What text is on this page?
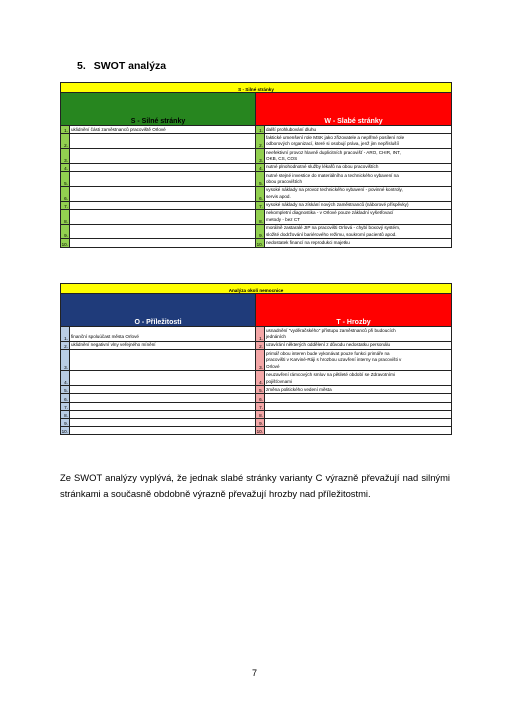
5. SWOT analýza
S - Silné stránky			
S - Silné stránky		W - Slabé stránky	
1.	uklidnění části zaměstnanců pracoviště Orlové	1.	další prohlubování dluhu

2.		2.	faktické umenšení role MSK jako zřizovatele a neplřmé posílení role
odborových organizací, které si osobují práva, jenž jim nepříslušíí

3.		3.	neefektivní provoz hlavně duplicitních pracovišť - ARO, CHIR, INT,
OKB, CS, COS

4.		4.	nutné plnohodnotné služby lékařů na obou pracovištích

5.		5.	nutné stejné investice do materiálního a technického vybavení na
obou pracovištích

6.		6.	vysoké náklady na provoz technického vybavení - povinné kontroly,
servis apod.

7.		7.	vysoké náklady na získání nových zaměstnanců (náborové příspěvky)

8.		8.	nekompletní diagnostika - v Orlové pouze základní vyšetřovací
metody - bez CT

9.		9.	morálně zastaralé JIP na pracovišti Orlová - chybí boxový systém,
složité dodržování bariérového režimu, soukromí pacientů apod.

10.		10.	nedostatek financí na reprodukci majetku
Analýza okolí nemocnice			
O - Příležitosti		T - Hrozby	
1.	finanční spoluúčast města Orlové	1.	usnadnění "vyděračského" přístupu zaměstnanců při budoucích
jednáních

2.	uklidnění negativní vlny veřejného mínění	2.	uzavírání některých oddělení z důvodu nedostatku personálu

3.		3.	primář obou interen bude vykonávat pouze funkci primáře na
pracovišti v Karviné-Ráji s hrozbou uzavření interny na pracovišti v
Orlové

4.		4.	neuzavření rámcových smluv na pětileté období se Zdravotními
pojišťovnami

5.		5.	změna politického vedení města

6.		6.	

7.		7.	

8.		8.	

9.		9.	

10.		10.	
Ze SWOT analýzy vyplývá, že jednak slabé stránky varianty C výrazně převažují nad silnými stránkami a současně obdobně výrazně převažují hrozby nad příležitostmi.
7
